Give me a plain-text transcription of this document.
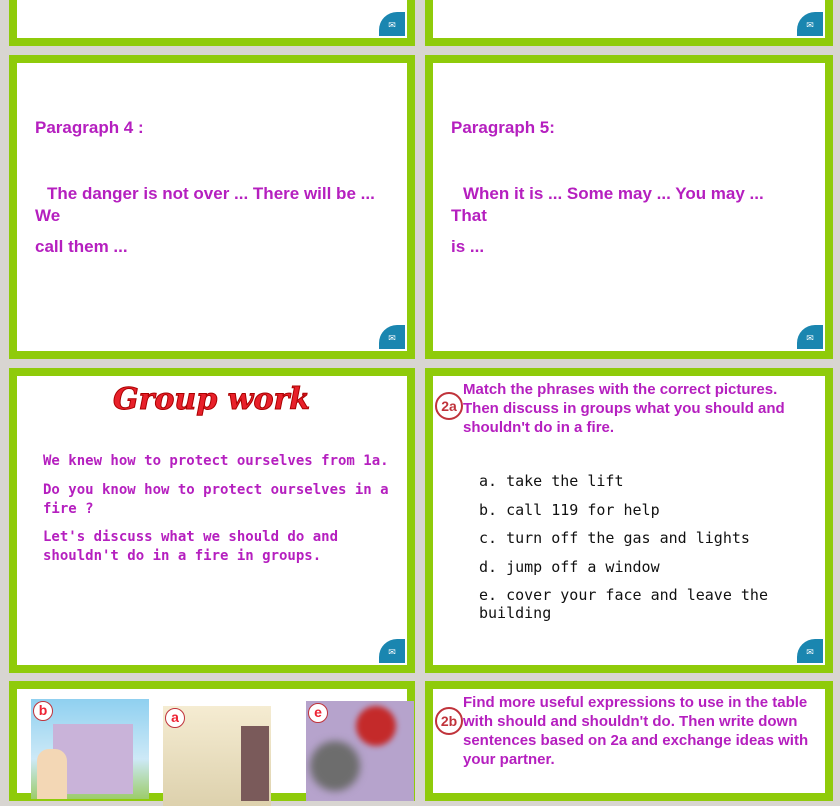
✉	✉
Paragraph 4 :
The danger is not over ... There will be ... We
call them ...
✉
Paragraph 5:
When it is ... Some may ... You may ... That
is ...
✉
Group work
We knew how to protect ourselves from 1a.
Do you know how to protect ourselves in a fire ?
Let's discuss what we should do and shouldn't do in a fire in groups.
✉
2a
Match the phrases with the correct pictures. Then discuss in groups what you should and shouldn't do in a fire.
a. take the lift
b. call 119 for help
c. turn off the gas and lights
d. jump off a window
e. cover your face and leave the building
✉
b	a	e
2b
Find more useful expressions to use in the table with should and shouldn't do. Then write down sentences based on 2a and exchange ideas with your partner.
